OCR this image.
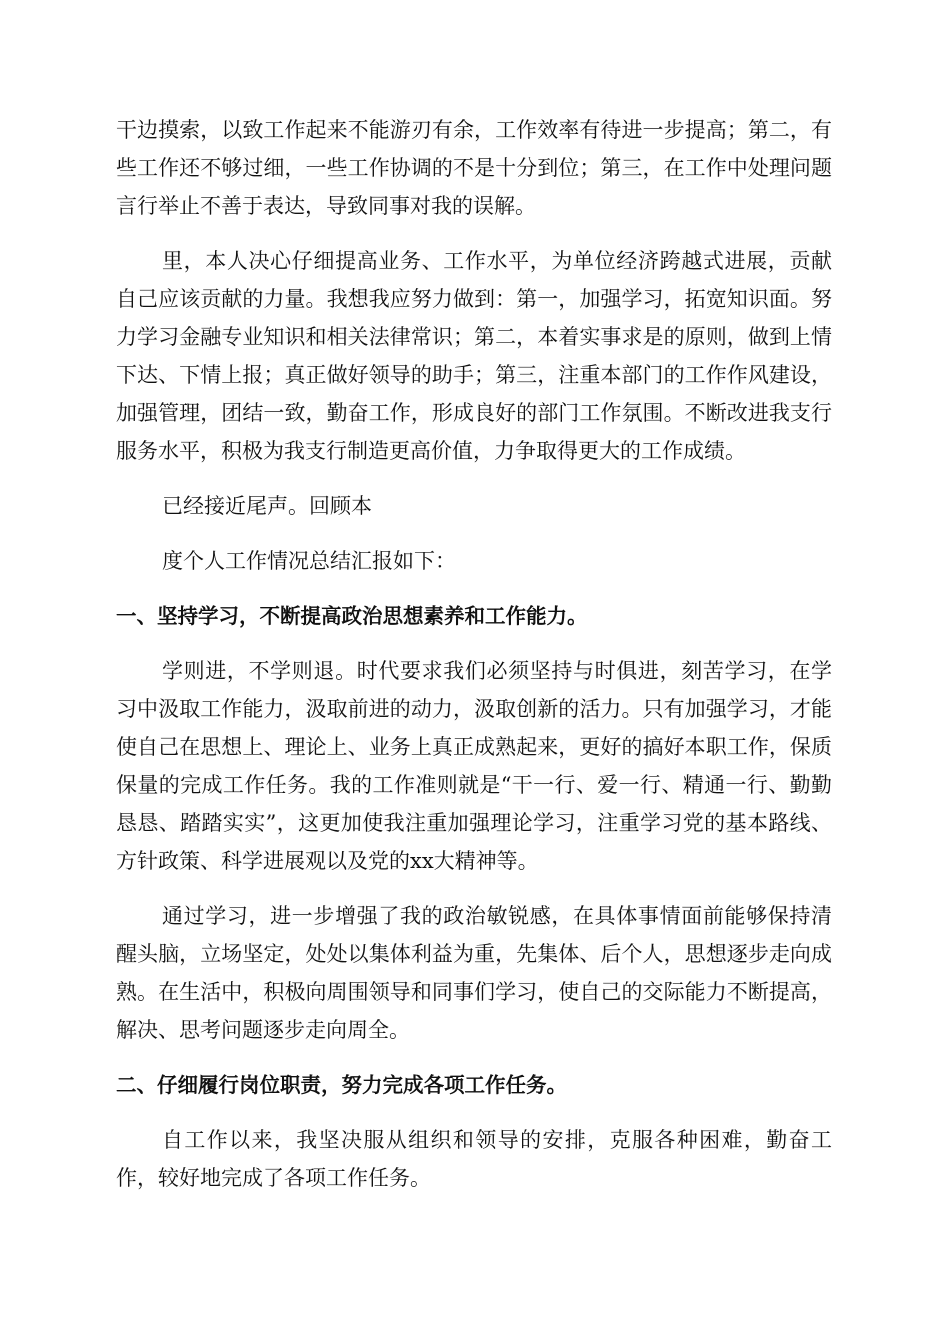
干边摸索，以致工作起来不能游刃有余，工作效率有待进一步提高；第二，有些工作还不够过细，一些工作协调的不是十分到位；第三，在工作中处理问题言行举止不善于表达，导致同事对我的误解。

里，本人决心仔细提高业务、工作水平，为单位经济跨越式进展，贡献自己应该贡献的力量。我想我应努力做到：第一，加强学习，拓宽知识面。努力学习金融专业知识和相关法律常识；第二，本着实事求是的原则，做到上情下达、下情上报；真正做好领导的助手；第三，注重本部门的工作作风建设，加强管理，团结一致，勤奋工作，形成良好的部门工作氛围。不断改进我支行服务水平，积极为我支行制造更高价值，力争取得更大的工作成绩。

已经接近尾声。回顾本

度个人工作情况总结汇报如下：

一、坚持学习，不断提高政治思想素养和工作能力。

学则进，不学则退。时代要求我们必须坚持与时俱进，刻苦学习，在学习中汲取工作能力，汲取前进的动力，汲取创新的活力。只有加强学习，才能使自己在思想上、理论上、业务上真正成熟起来，更好的搞好本职工作，保质保量的完成工作任务。我的工作准则就是“干一行、爱一行、精通一行、勤勤恳恳、踏踏实实”，这更加使我注重加强理论学习，注重学习党的基本路线、方针政策、科学进展观以及党的xx大精神等。

通过学习，进一步增强了我的政治敏锐感，在具体事情面前能够保持清醒头脑，立场坚定，处处以集体利益为重，先集体、后个人，思想逐步走向成熟。在生活中，积极向周围领导和同事们学习，使自己的交际能力不断提高，解决、思考问题逐步走向周全。

二、仔细履行岗位职责，努力完成各项工作任务。

自工作以来，我坚决服从组织和领导的安排，克服各种困难，勤奋工作，较好地完成了各项工作任务。
